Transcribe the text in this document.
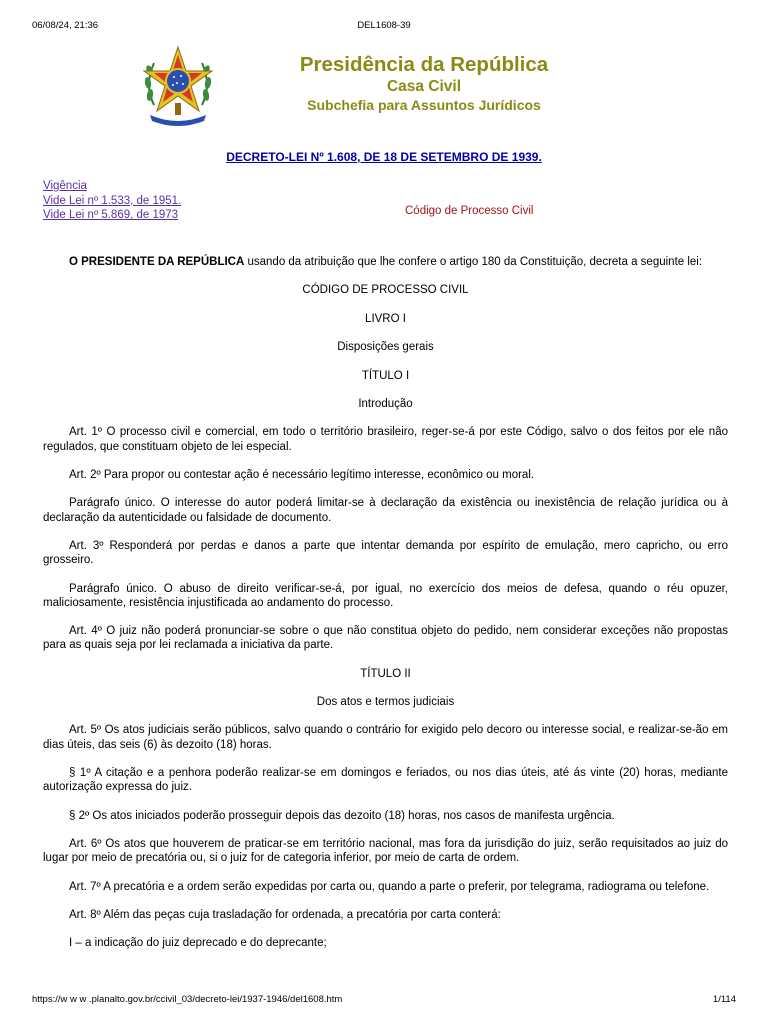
06/08/24, 21:36	DEL1608-39
Presidência da República
Casa Civil
Subchefia para Assuntos Jurídicos
DECRETO-LEI Nº 1.608, DE 18 DE SETEMBRO DE 1939.
Vigência
Vide Lei nº 1.533, de 1951.
Vide Lei nº 5.869, de 1973	Código de Processo Civil

O PRESIDENTE DA REPÚBLICA usando da atribuição que lhe confere o artigo 180 da Constituição, decreta a seguinte lei:

CÓDIGO DE PROCESSO CIVIL

LIVRO I

Disposições gerais

TÍTULO I

Introdução

Art. 1º O processo civil e comercial, em todo o território brasileiro, reger-se-á por este Código, salvo o dos feitos por ele não regulados, que constituam objeto de lei especial.

Art. 2º Para propor ou contestar ação é necessário legítimo interesse, econômico ou moral.

Parágrafo único. O interesse do autor poderá limitar-se à declaração da existência ou inexistência de relação jurídica ou à declaração da autenticidade ou falsidade de documento.

Art. 3º Responderá por perdas e danos a parte que intentar demanda por espírito de emulação, mero capricho, ou erro grosseiro.

Parágrafo único. O abuso de direito verificar-se-á, por igual, no exercício dos meios de defesa, quando o réu opuzer, maliciosamente, resistência injustificada ao andamento do processo.

Art. 4º O juiz não poderá pronunciar-se sobre o que não constitua objeto do pedido, nem considerar exceções não propostas para as quais seja por lei reclamada a iniciativa da parte.

TÍTULO II

Dos atos e termos judiciais

Art. 5º Os atos judiciais serão públicos, salvo quando o contrário for exigido pelo decoro ou interesse social, e realizar-se-ão em dias úteis, das seis (6) às dezoito (18) horas.

§ 1º A citação e a penhora poderão realizar-se em domingos e feriados, ou nos dias úteis, até ás vinte (20) horas, mediante autorização expressa do juiz.

§ 2º Os atos iniciados poderão prosseguir depois das dezoito (18) horas, nos casos de manifesta urgência.

Art. 6º Os atos que houverem de praticar-se em território nacional, mas fora da jurisdição do juiz, serão requisitados ao juiz do lugar por meio de precatória ou, si o juiz for de categoria inferior, por meio de carta de ordem.

Art. 7º A precatória e a ordem serão expedidas por carta ou, quando a parte o preferir, por telegrama, radiograma ou telefone.

Art. 8º Além das peças cuja trasladação for ordenada, a precatória por carta conterá:

I – a indicação do juiz deprecado e do deprecante;

https://w w w .planalto.gov.br/ccivil_03/decreto-lei/1937-1946/del1608.htm	1/114
